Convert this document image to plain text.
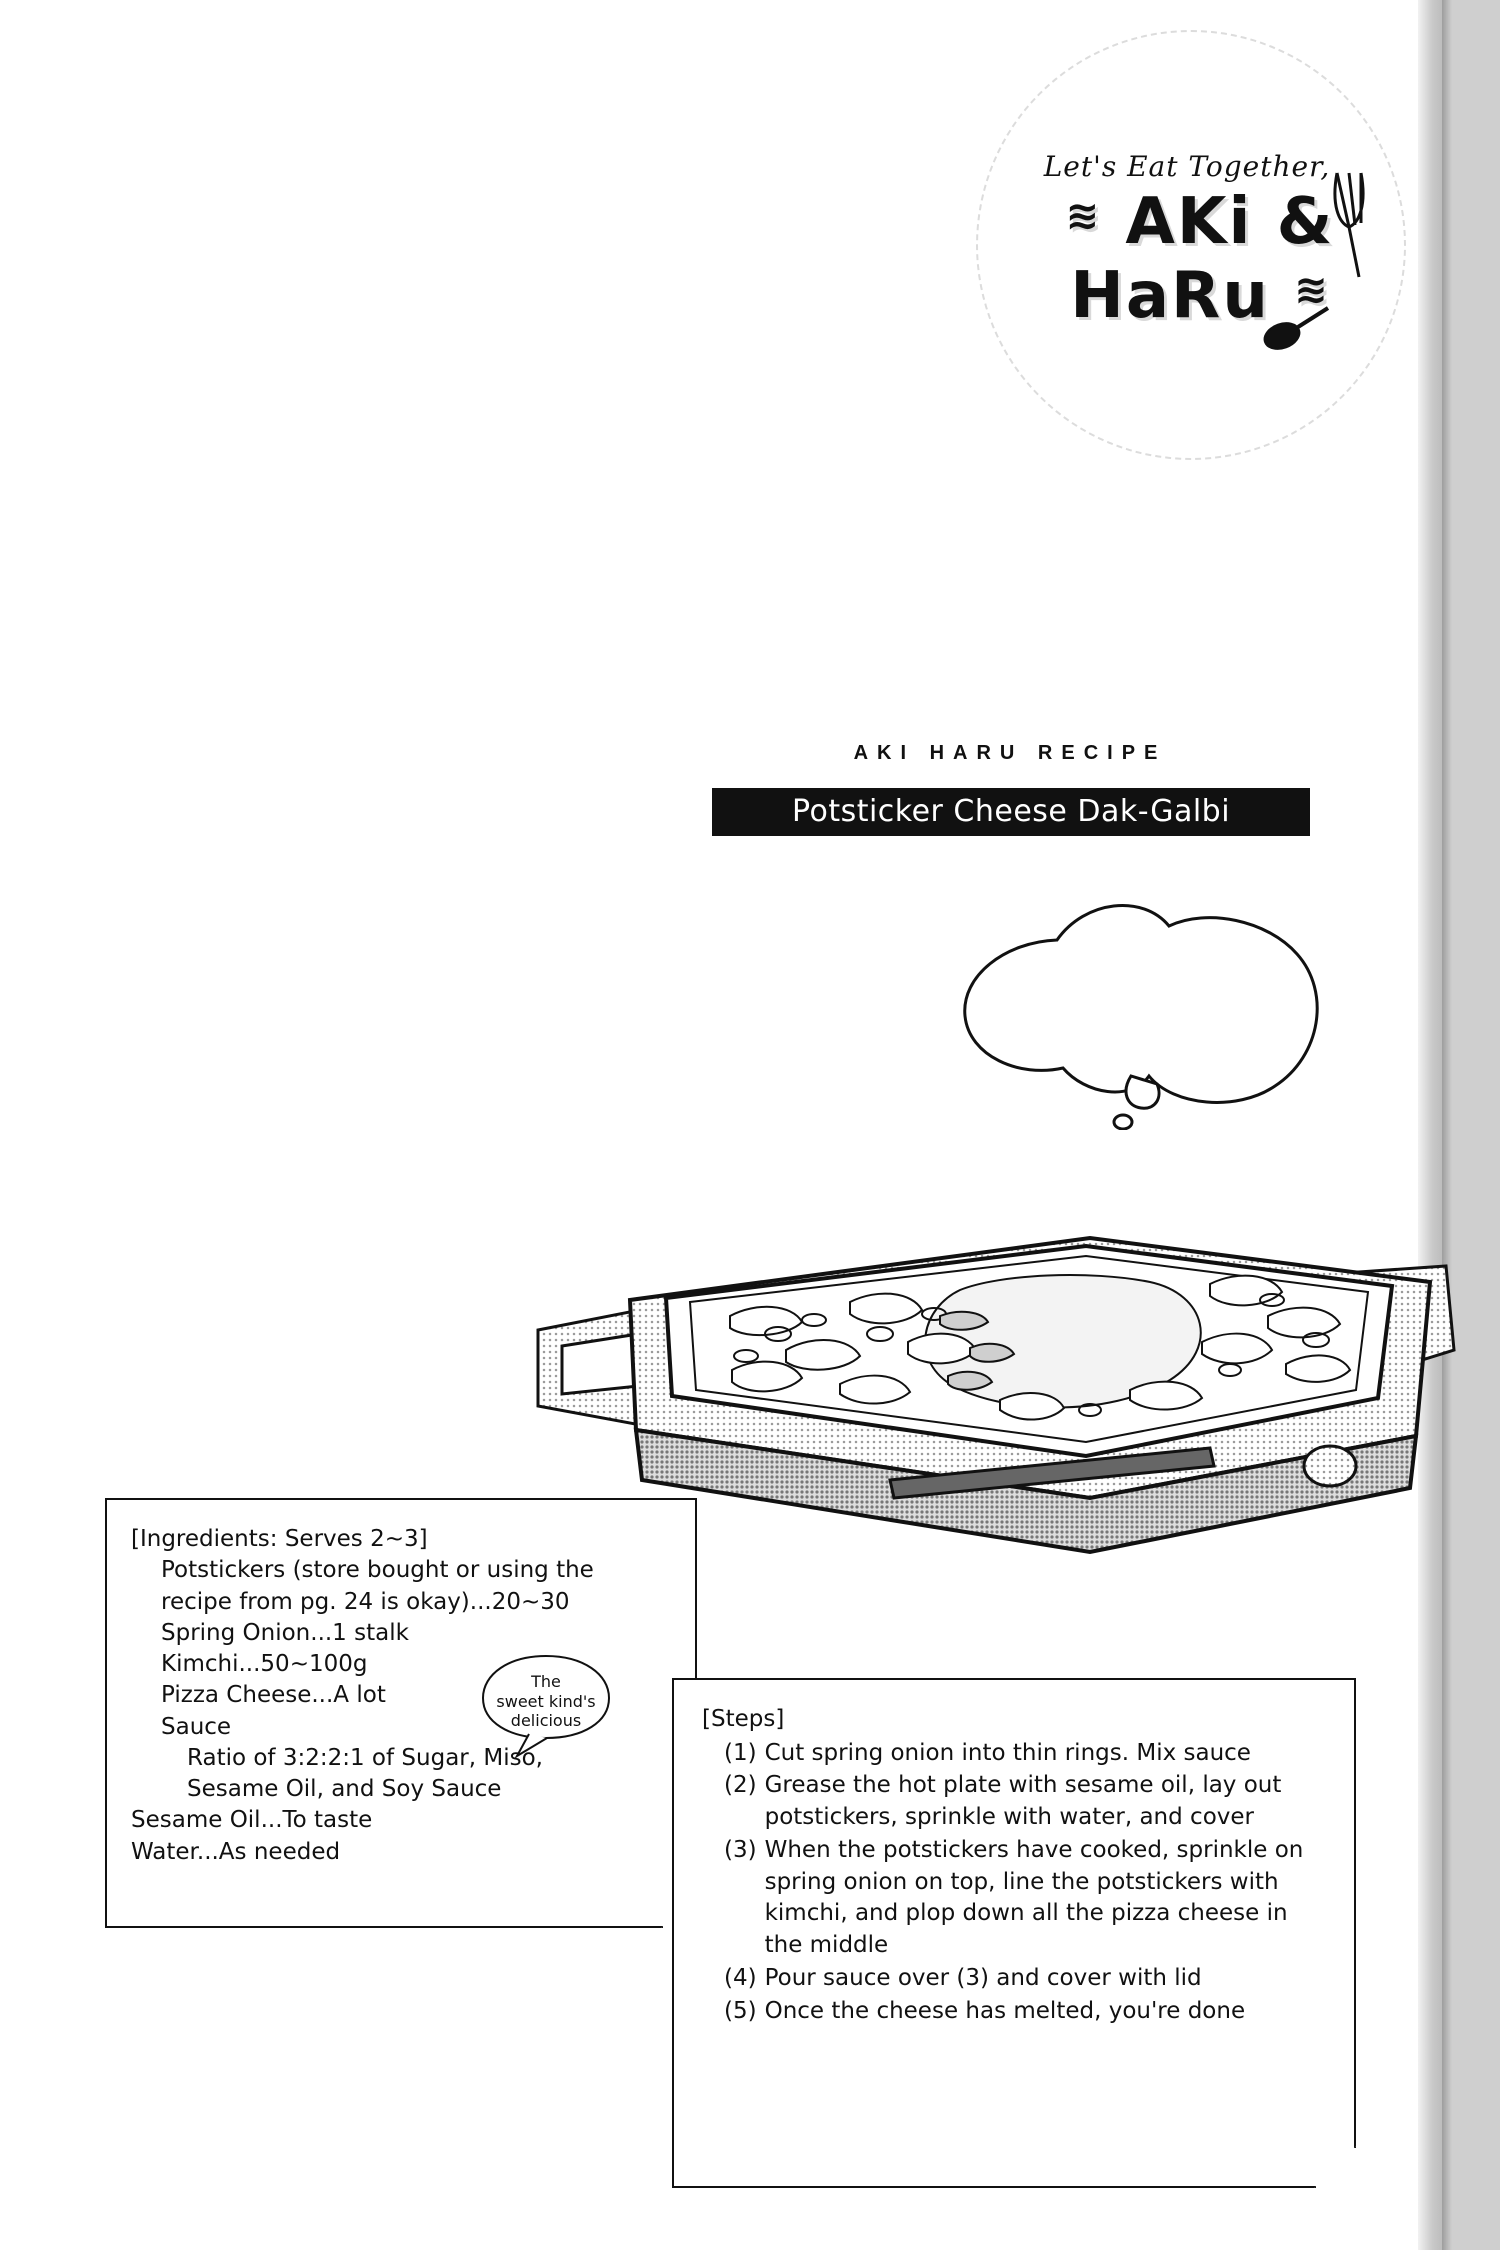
Let's Eat Together,
≋ AKi & HaRu ≋
AKI HARU RECIPE
Potsticker Cheese Dak-Galbi
[Ingredients: Serves 2~3]
Potstickers (store bought or using the
recipe from pg. 24 is okay)...20~30
Spring Onion...1 stalk
Kimchi...50~100g
Pizza Cheese...A lot
Sauce
Ratio of 3:2:2:1 of Sugar, Miso,
Sesame Oil, and Soy Sauce
Sesame Oil...To taste
Water...As needed
The
sweet kind's
delicious	[Steps]
(1) Cut spring onion into thin rings. Mix sauce
(2) Grease the hot plate with sesame oil, lay out potstickers, sprinkle with water, and cover
(3) When the potstickers have cooked, sprinkle on spring onion on top, line the potstickers with kimchi, and plop down all the pizza cheese in the middle
(4) Pour sauce over (3) and cover with lid
(5) Once the cheese has melted, you're done
